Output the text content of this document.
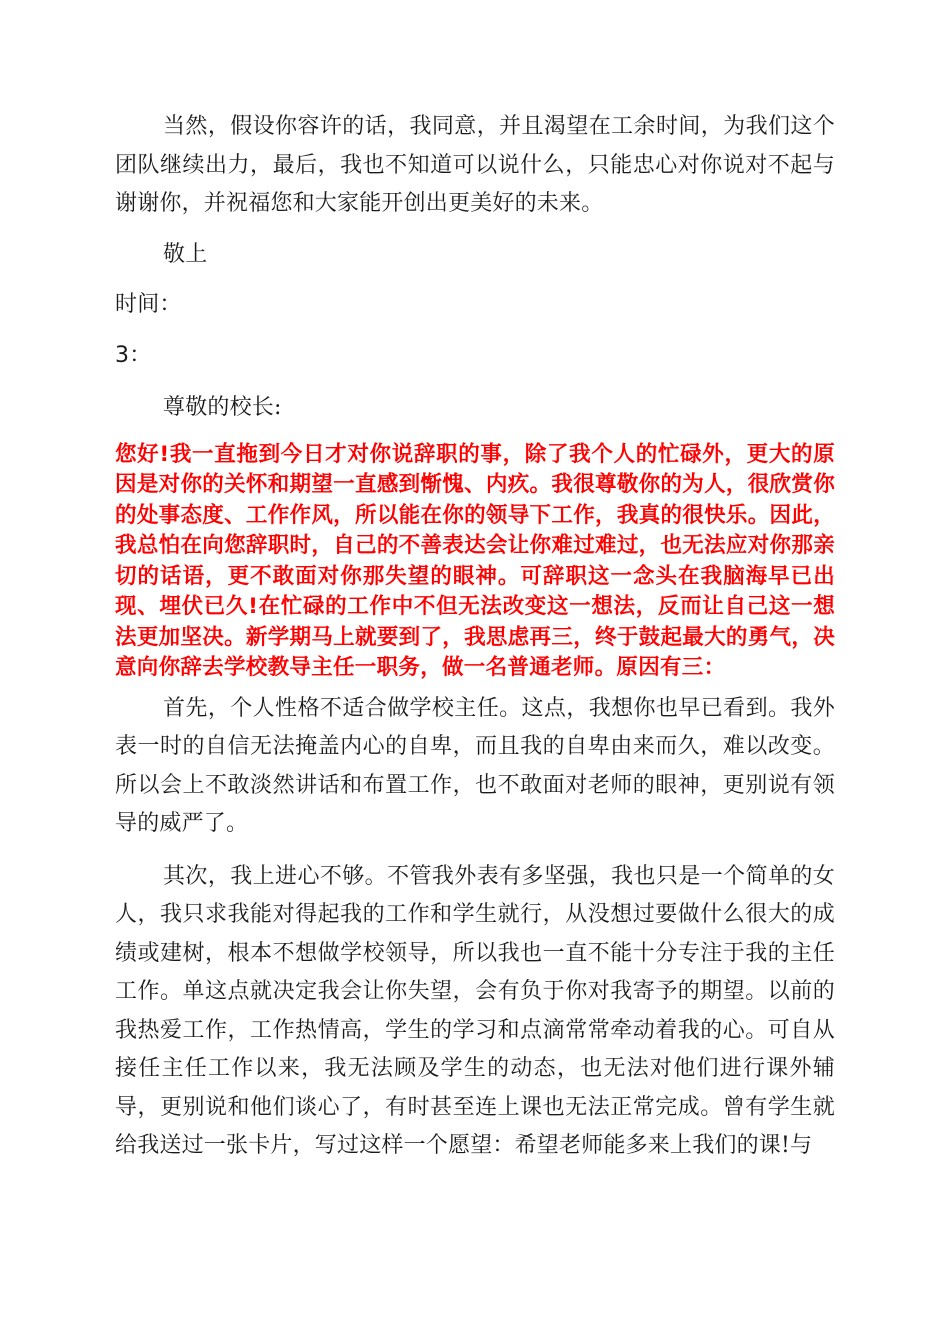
当然，假设你容许的话，我同意，并且渴望在工余时间，为我们这个团队继续出力，最后，我也不知道可以说什么，只能忠心对你说对不起与谢谢你，并祝福您和大家能开创出更美好的未来。

敬上

时间：

3：

尊敬的校长:

您好!我一直拖到今日才对你说辞职的事，除了我个人的忙碌外，更大的原因是对你的关怀和期望一直感到惭愧、内疚。我很尊敬你的为人，很欣赏你的处事态度、工作作风，所以能在你的领导下工作，我真的很快乐。因此，我总怕在向您辞职时，自己的不善表达会让你难过难过，也无法应对你那亲切的话语，更不敢面对你那失望的眼神。可辞职这一念头在我脑海早已出现、埋伏已久!在忙碌的工作中不但无法改变这一想法，反而让自己这一想法更加坚决。新学期马上就要到了，我思虑再三，终于鼓起最大的勇气，决意向你辞去学校教导主任一职务，做一名普通老师。原因有三：

首先，个人性格不适合做学校主任。这点，我想你也早已看到。我外表一时的自信无法掩盖内心的自卑，而且我的自卑由来而久，难以改变。所以会上不敢淡然讲话和布置工作，也不敢面对老师的眼神，更别说有领导的威严了。

其次，我上进心不够。不管我外表有多坚强，我也只是一个简单的女人，我只求我能对得起我的工作和学生就行，从没想过要做什么很大的成绩或建树，根本不想做学校领导，所以我也一直不能十分专注于我的主任工作。单这点就决定我会让你失望，会有负于你对我寄予的期望。以前的我热爱工作，工作热情高，学生的学习和点滴常常牵动着我的心。可自从接任主任工作以来，我无法顾及学生的动态，也无法对他们进行课外辅导，更别说和他们谈心了，有时甚至连上课也无法正常完成。曾有学生就给我送过一张卡片，写过这样一个愿望：希望老师能多来上我们的课!与
